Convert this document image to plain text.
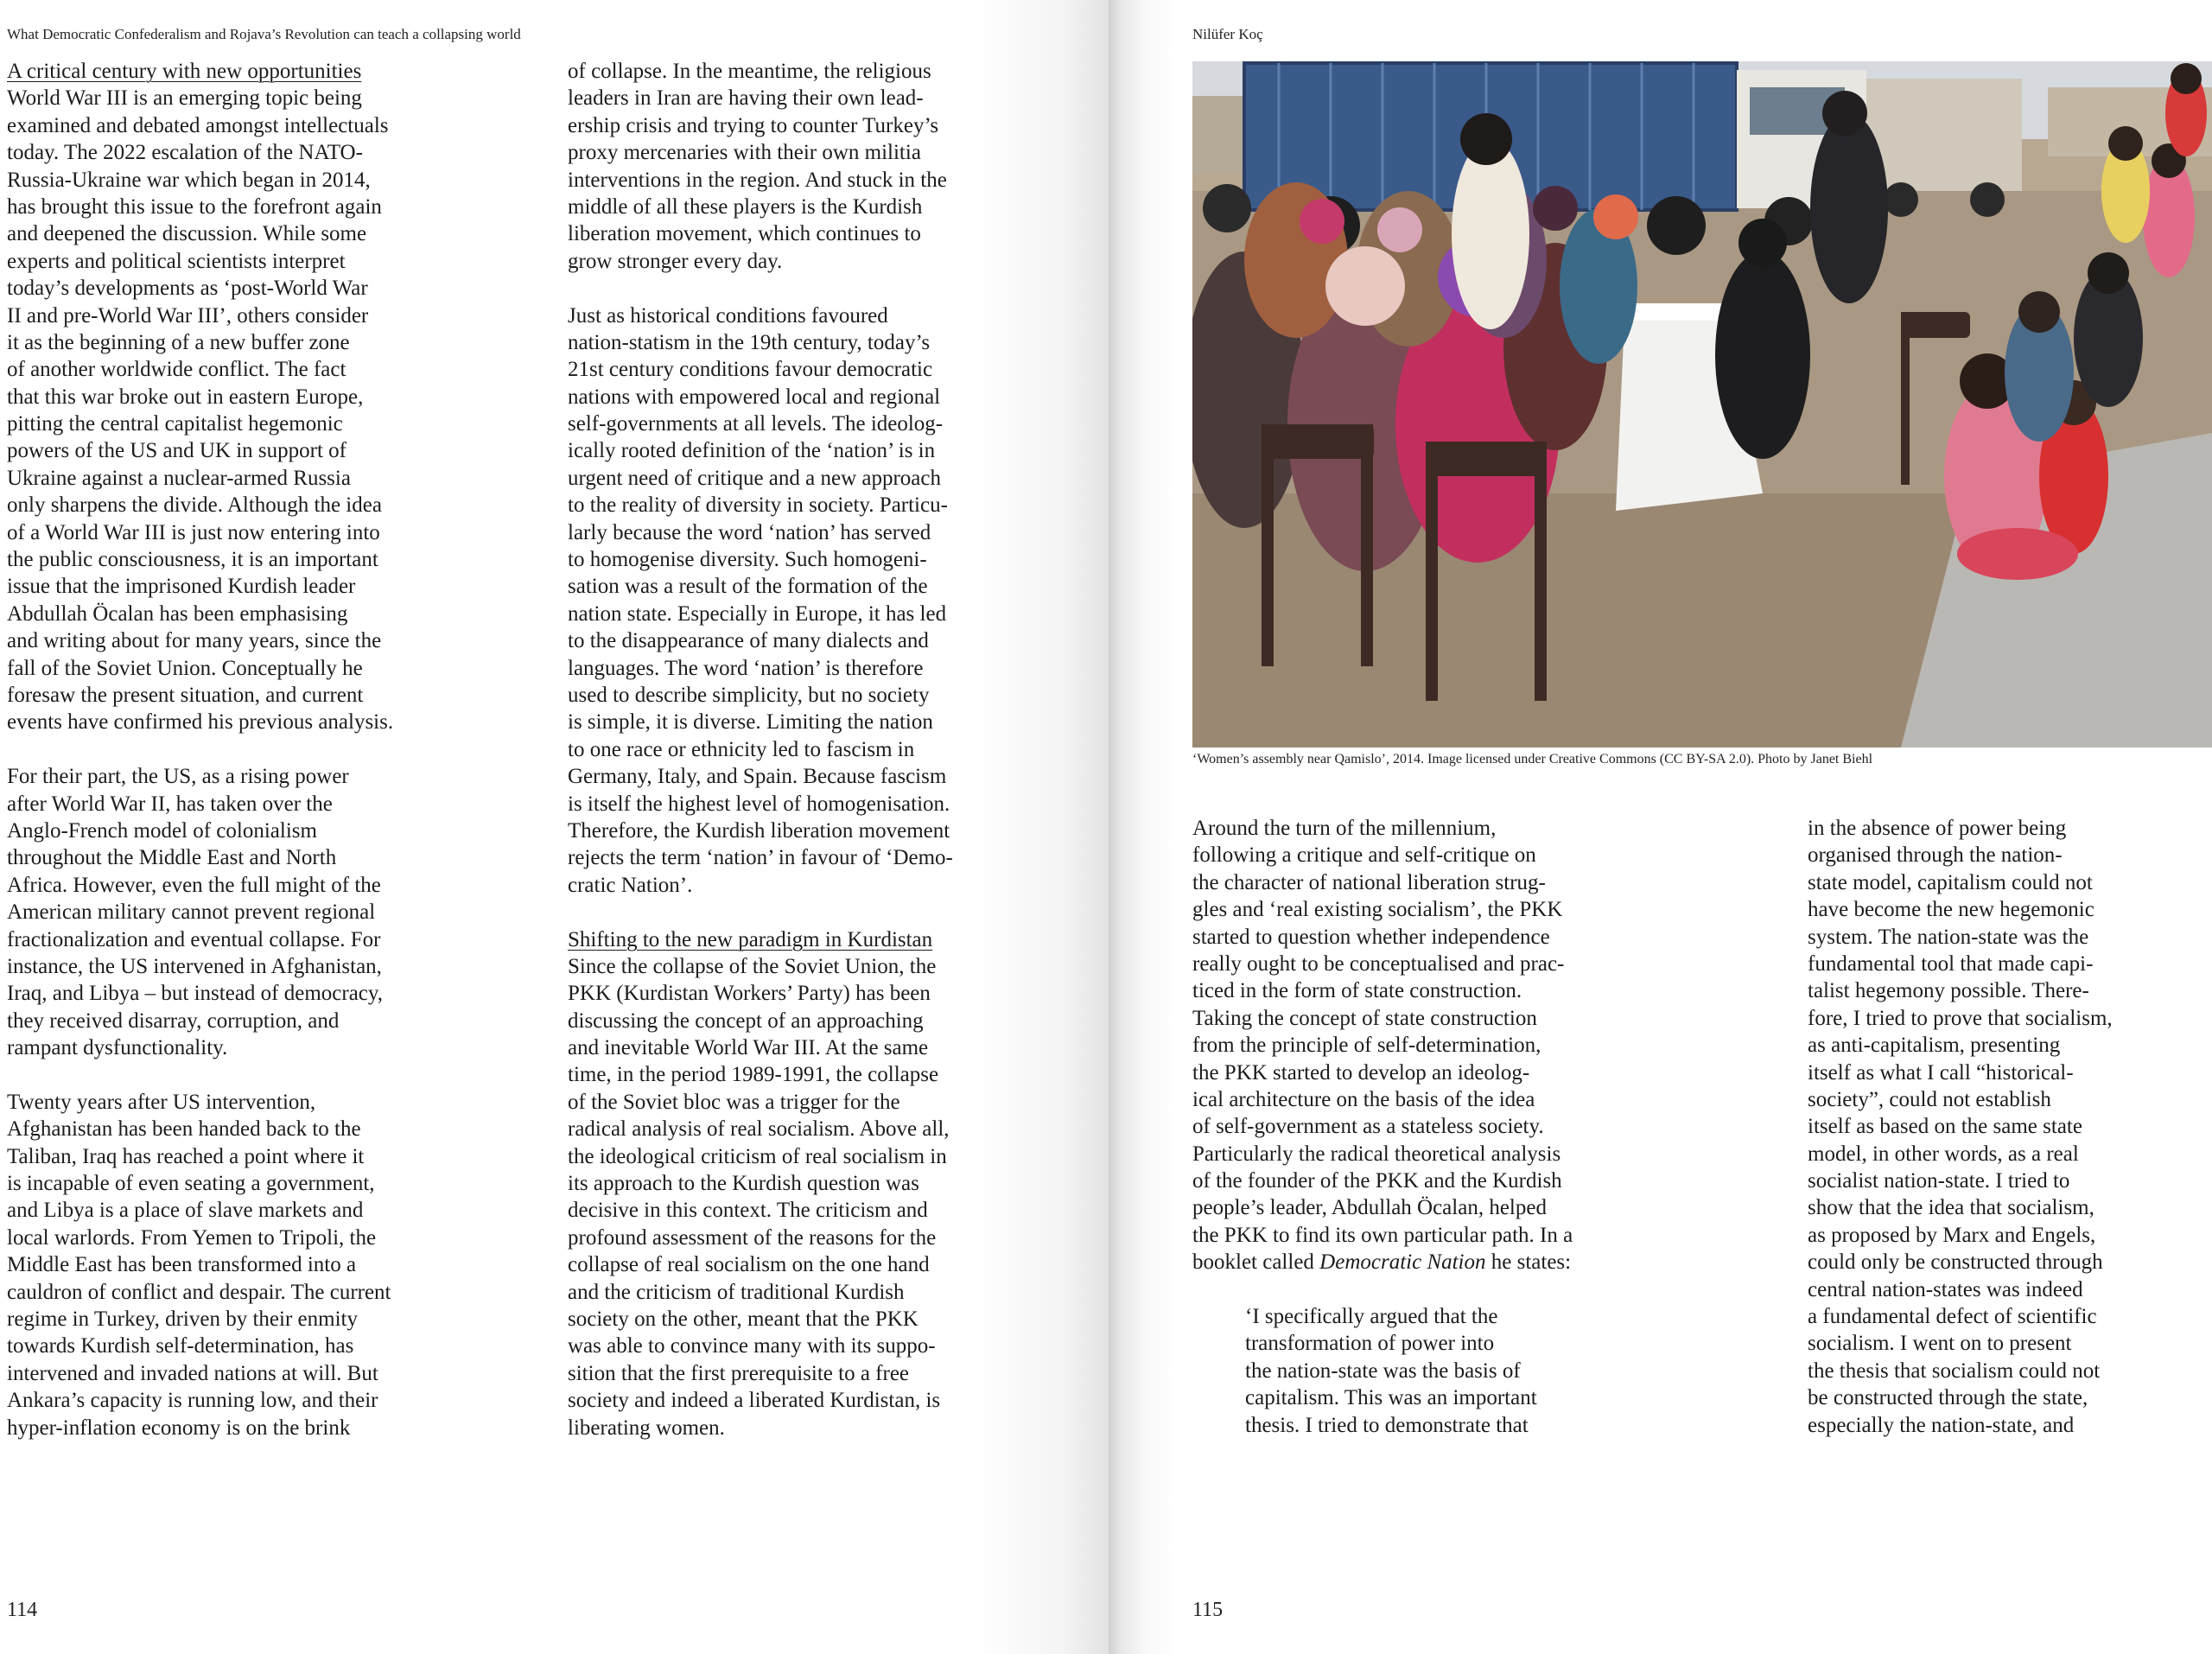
What Democratic Confederalism and Rojava’s Revolution can teach a collapsing world
A critical century with new opportunities
World War III is an emerging topic being
examined and debated amongst intellectuals
today. The 2022 escalation of the NATO-
Russia-Ukraine war which began in 2014,
has brought this issue to the forefront again
and deepened the discussion. While some
experts and political scientists interpret
today’s developments as ‘post-World War
II and pre-World War III’, others consider
it as the beginning of a new buffer zone
of another worldwide conflict. The fact
that this war broke out in eastern Europe,
pitting the central capitalist hegemonic
powers of the US and UK in support of
Ukraine against a nuclear-armed Russia
only sharpens the divide. Although the idea
of a World War III is just now entering into
the public consciousness, it is an important
issue that the imprisoned Kurdish leader
Abdullah Öcalan has been emphasising
and writing about for many years, since the
fall of the Soviet Union. Conceptually he
foresaw the present situation, and current
events have confirmed his previous analysis.
For their part, the US, as a rising power
after World War II, has taken over the
Anglo-French model of colonialism
throughout the Middle East and North
Africa. However, even the full might of the
American military cannot prevent regional
fractionalization and eventual collapse. For
instance, the US intervened in Afghanistan,
Iraq, and Libya – but instead of democracy,
they received disarray, corruption, and
rampant dysfunctionality.
Twenty years after US intervention,
Afghanistan has been handed back to the
Taliban, Iraq has reached a point where it
is incapable of even seating a government,
and Libya is a place of slave markets and
local warlords. From Yemen to Tripoli, the
Middle East has been transformed into a
cauldron of conflict and despair. The current
regime in Turkey, driven by their enmity
towards Kurdish self-determination, has
intervened and invaded nations at will. But
Ankara’s capacity is running low, and their
hyper-inflation economy is on the brink
of collapse. In the meantime, the religious
leaders in Iran are having their own lead-
ership crisis and trying to counter Turkey’s
proxy mercenaries with their own militia
interventions in the region. And stuck in the
middle of all these players is the Kurdish
liberation movement, which continues to
grow stronger every day.
Just as historical conditions favoured
nation-statism in the 19th century, today’s
21st century conditions favour democratic
nations with empowered local and regional
self-governments at all levels. The ideolog-
ically rooted definition of the ‘nation’ is in
urgent need of critique and a new approach
to the reality of diversity in society. Particu-
larly because the word ‘nation’ has served
to homogenise diversity. Such homogeni-
sation was a result of the formation of the
nation state. Especially in Europe, it has led
to the disappearance of many dialects and
languages. The word ‘nation’ is therefore
used to describe simplicity, but no society
is simple, it is diverse. Limiting the nation
to one race or ethnicity led to fascism in
Germany, Italy, and Spain. Because fascism
is itself the highest level of homogenisation.
Therefore, the Kurdish liberation movement
rejects the term ‘nation’ in favour of ‘Demo-
cratic Nation’.
Shifting to the new paradigm in Kurdistan
Since the collapse of the Soviet Union, the
PKK (Kurdistan Workers’ Party) has been
discussing the concept of an approaching
and inevitable World War III. At the same
time, in the period 1989-1991, the collapse
of the Soviet bloc was a trigger for the
radical analysis of real socialism. Above all,
the ideological criticism of real socialism in
its approach to the Kurdish question was
decisive in this context. The criticism and
profound assessment of the reasons for the
collapse of real socialism on the one hand
and the criticism of traditional Kurdish
society on the other, meant that the PKK
was able to convince many with its suppo-
sition that the first prerequisite to a free
society and indeed a liberated Kurdistan, is
liberating women.
114
Nilüfer Koç
‘Women’s assembly near Qamislo’, 2014. Image licensed under Creative Commons (CC BY-SA 2.0). Photo by Janet Biehl
Around the turn of the millennium,
following a critique and self-critique on
the character of national liberation strug-
gles and ‘real existing socialism’, the PKK
started to question whether independence
really ought to be conceptualised and prac-
ticed in the form of state construction.
Taking the concept of state construction
from the principle of self-determination,
the PKK started to develop an ideolog-
ical architecture on the basis of the idea
of self-government as a stateless society.
Particularly the radical theoretical analysis
of the founder of the PKK and the Kurdish
people’s leader, Abdullah Öcalan, helped
the PKK to find its own particular path. In a
booklet called Democratic Nation he states:
‘I specifically argued that the
transformation of power into
the nation-state was the basis of
capitalism. This was an important
thesis. I tried to demonstrate that
in the absence of power being
organised through the nation-
state model, capitalism could not
have become the new hegemonic
system. The nation-state was the
fundamental tool that made capi-
talist hegemony possible. There-
fore, I tried to prove that socialism,
as anti-capitalism, presenting
itself as what I call “historical-
society”, could not establish
itself as based on the same state
model, in other words, as a real
socialist nation-state. I tried to
show that the idea that socialism,
as proposed by Marx and Engels,
could only be constructed through
central nation-states was indeed
a fundamental defect of scientific
socialism. I went on to present
the thesis that socialism could not
be constructed through the state,
especially the nation-state, and
115
